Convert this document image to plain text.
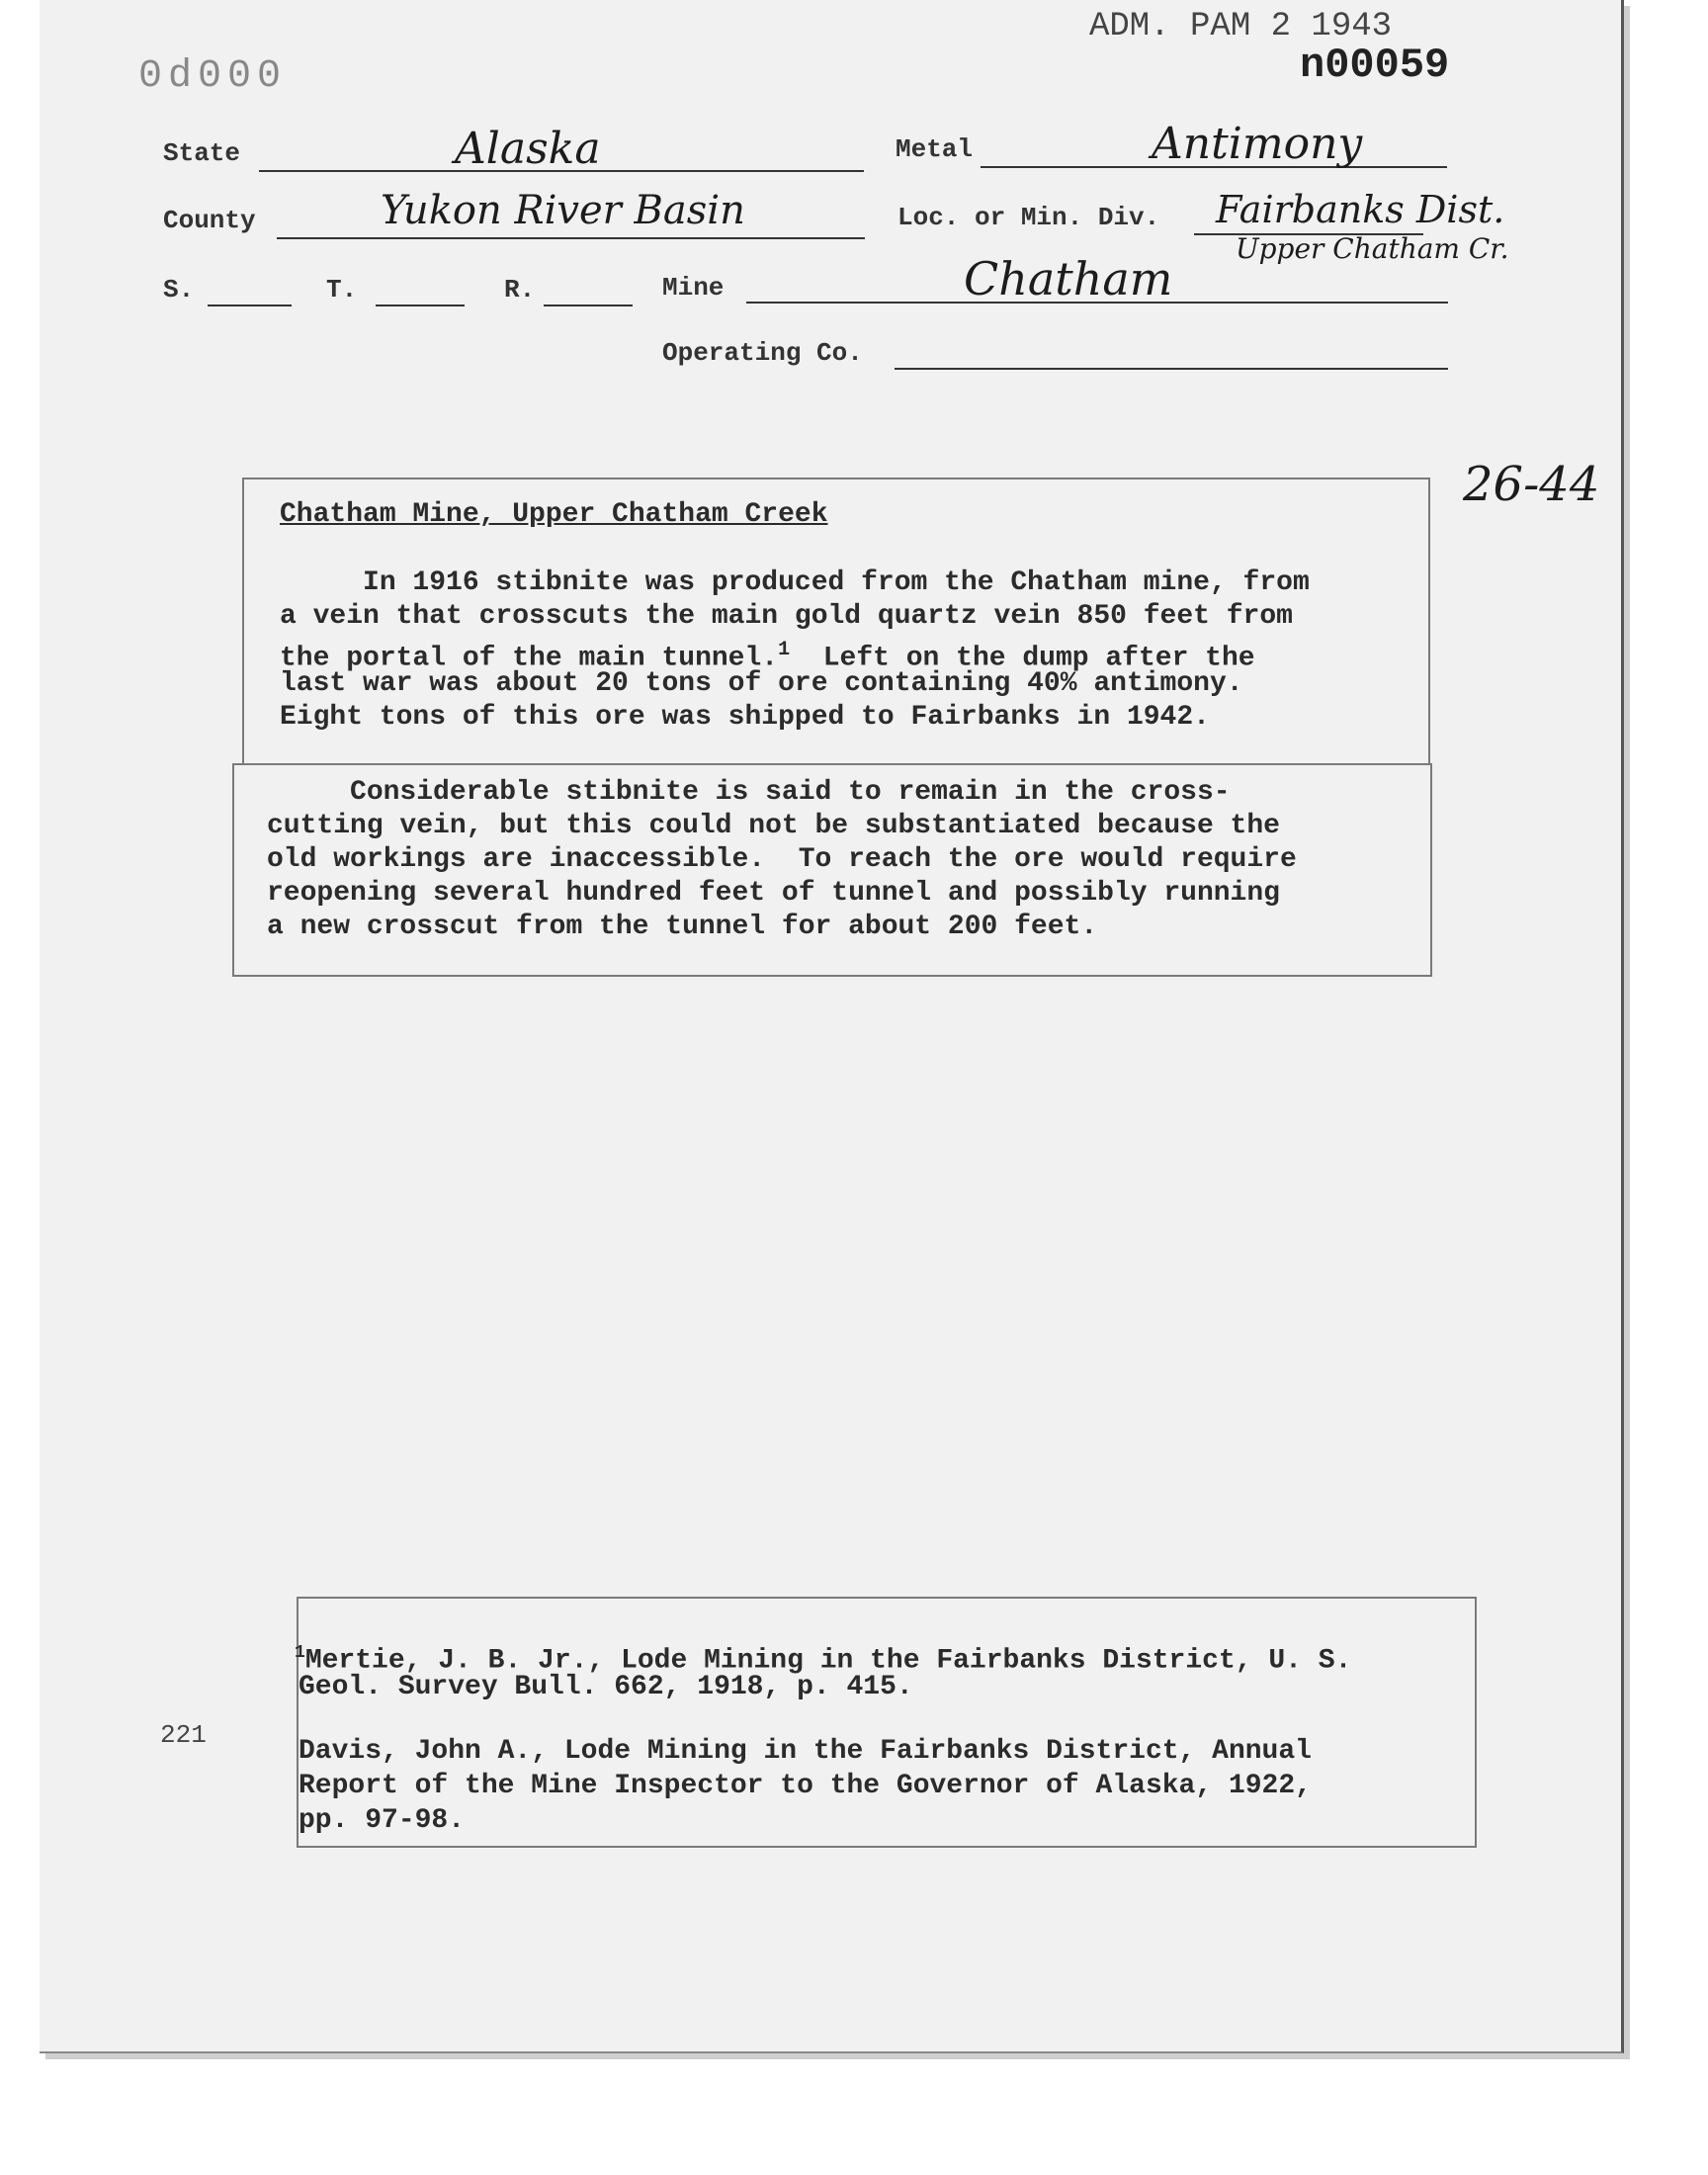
0d000
ADM. PAM 2 1943
n00059
State	Alaska	Metal	Antimony
County	Yukon River Basin	Loc. or Min. Div. Fairbanks Dist.
Upper Chatham Cr.
S.	T.	R.	Mine	Chatham
Operating Co.
26-44
Chatham Mine, Upper Chatham Creek
In 1916 stibnite was produced from the Chatham mine, from
a vein that crosscuts the main gold quartz vein 850 feet from
the portal of the main tunnel.$^1$  Left on the dump after the
last war was about 20 tons of ore containing 40% antimony.
Eight tons of this ore was shipped to Fairbanks in 1942.
Considerable stibnite is said to remain in the cross-
cutting vein, but this could not be substantiated because the
old workings are inaccessible.  To reach the ore would require
reopening several hundred feet of tunnel and possibly running
a new crosscut from the tunnel for about 200 feet.
221
$^1$Mertie, J. B. Jr., Lode Mining in the Fairbanks District, U. S.
Geol. Survey Bull. 662, 1918, p. 415.
Davis, John A., Lode Mining in the Fairbanks District, Annual
Report of the Mine Inspector to the Governor of Alaska, 1922,
pp. 97-98.
